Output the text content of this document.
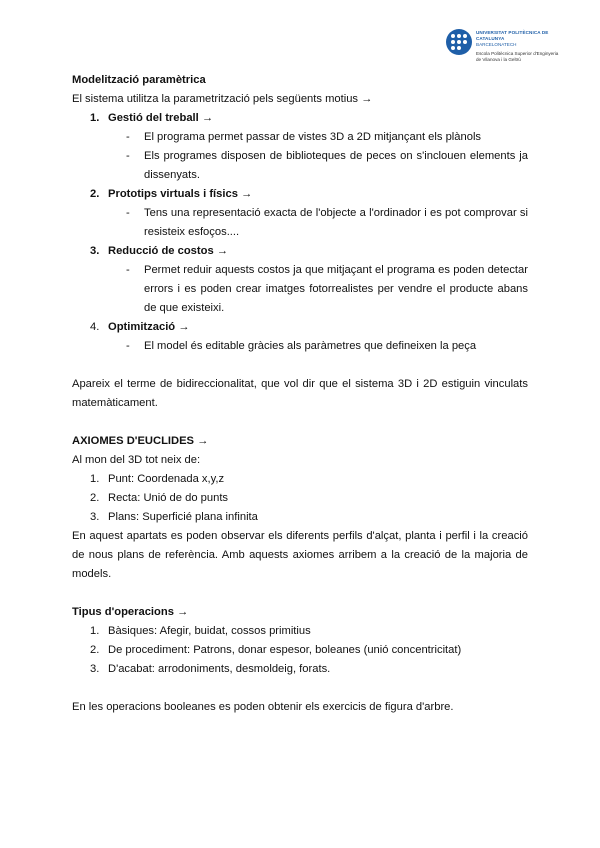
UNIVERSITAT POLITÈCNICA DE CATALUNYA
BARCELONATECH
Escola Politècnica Superior d'Enginyeria
de Vilanova i la Geltrú

Modelització paramètrica

El sistema utilitza la parametrització pels següents motius →

1. Gestió del treball →

- El programa permet passar de vistes 3D a 2D mitjançant els plànols

- Els programes disposen de biblioteques de peces on s'inclouen elements ja dissenyats.

2. Prototips virtuals i físics →

- Tens una representació exacta de l'objecte a l'ordinador i es pot comprovar si resisteix esfoços....

3. Reducció de costos →

- Permet reduir aquests costos ja que mitjaçant el programa es poden detectar errors i es poden crear imatges fotorrealistes per vendre el producte abans de que existeixi.

4. Optimització →

- El model és editable gràcies als paràmetres que defineixen la peça

Apareix el terme de bidireccionalitat, que vol dir que el sistema 3D i 2D estiguin vinculats matemàticament.

AXIOMES D'EUCLIDES →

Al mon del 3D tot neix de:

1. Punt: Coordenada x,y,z

2. Recta: Unió de do punts

3. Plans: Superficié plana infinita

En aquest apartats es poden observar els diferents perfils d'alçat, planta i perfil i la creació de nous plans de referència. Amb aquests axiomes arribem a la creació de la majoria de models.

Tipus d'operacions →

1. Bàsiques: Afegir, buidat, cossos primitius

2. De procediment: Patrons, donar espesor, boleanes (unió concentricitat)

3. D'acabat: arrodoniments, desmoldeig, forats.

En les operacions booleanes es poden obtenir els exercicis de figura d'arbre.
